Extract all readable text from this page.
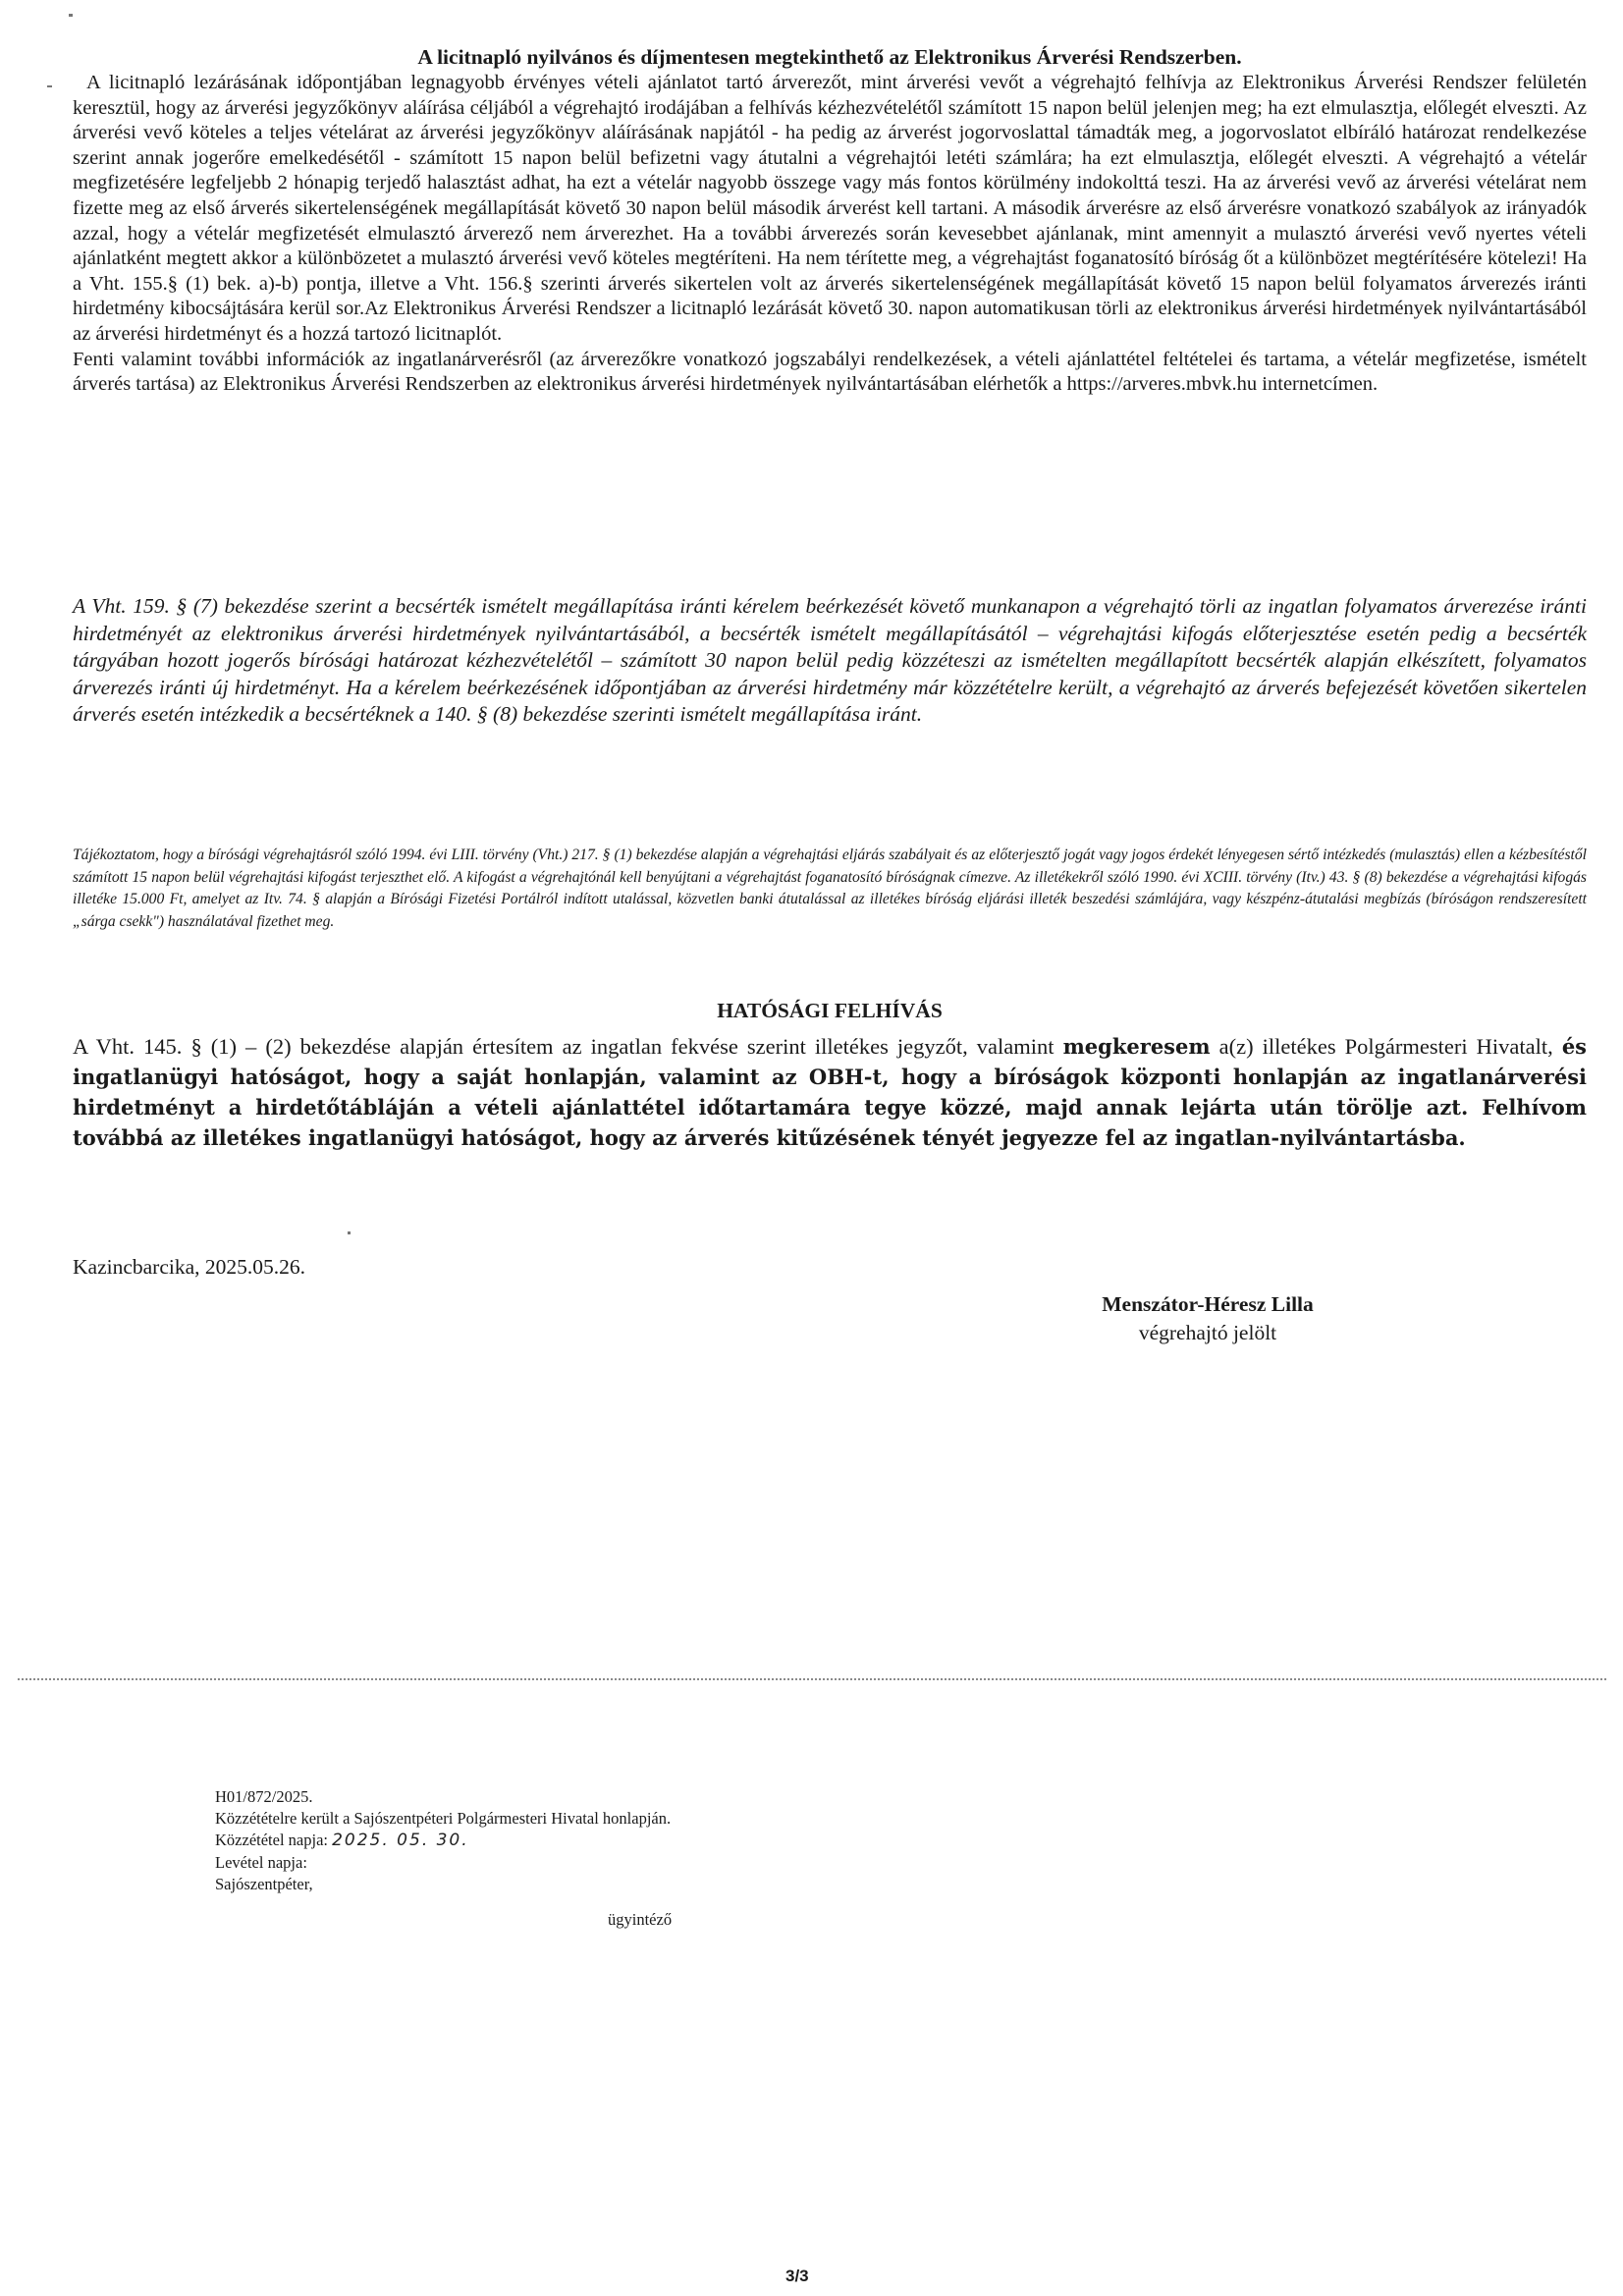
A licitnapló nyilvános és díjmentesen megtekinthető az Elektronikus Árverési Rendszerben.

A licitnapló lezárásának időpontjában legnagyobb érvényes vételi ajánlatot tartó árverezőt, mint árverési vevőt a végrehajtó felhívja az Elektronikus Árverési Rendszer felületén keresztül, hogy az árverési jegyzőkönyv aláírása céljából a végrehajtó irodájában a felhívás kézhezvételétől számított 15 napon belül jelenjen meg; ha ezt elmulasztja, előlegét elveszti. Az árverési vevő köteles a teljes vételárat az árverési jegyzőkönyv aláírásának napjától - ha pedig az árverést jogorvoslattal támadták meg, a jogorvoslatot elbíráló határozat rendelkezése szerint annak jogerőre emelkedésétől - számított 15 napon belül befizetni vagy átutalni a végrehajtói letéti számlára; ha ezt elmulasztja, előlegét elveszti. A végrehajtó a vételár megfizetésére legfeljebb 2 hónapig terjedő halasztást adhat, ha ezt a vételár nagyobb összege vagy más fontos körülmény indokolttá teszi. Ha az árverési vevő az árverési vételárat nem fizette meg az első árverés sikertelenségének megállapítását követő 30 napon belül második árverést kell tartani. A második árverésre az első árverésre vonatkozó szabályok az irányadók azzal, hogy a vételár megfizetését elmulasztó árverező nem árverezhet. Ha a további árverezés során kevesebbet ajánlanak, mint amennyit a mulasztó árverési vevő nyertes vételi ajánlatként megtett akkor a különbözetet a mulasztó árverési vevő köteles megtéríteni. Ha nem térítette meg, a végrehajtást foganatosító bíróság őt a különbözet megtérítésére kötelezi! Ha a Vht. 155.§ (1) bek. a)-b) pontja, illetve a Vht. 156.§ szerinti árverés sikertelen volt az árverés sikertelenségének megállapítását követő 15 napon belül folyamatos árverezés iránti hirdetmény kibocsájtására kerül sor.Az Elektronikus Árverési Rendszer a licitnapló lezárását követő 30. napon automatikusan törli az elektronikus árverési hirdetmények nyilvántartásából az árverési hirdetményt és a hozzá tartozó licitnaplót.

Fenti valamint további információk az ingatlanárverésről (az árverezőkre vonatkozó jogszabályi rendelkezések, a vételi ajánlattétel feltételei és tartama, a vételár megfizetése, ismételt árverés tartása) az Elektronikus Árverési Rendszerben az elektronikus árverési hirdetmények nyilvántartásában elérhetők a https://arveres.mbvk.hu internetcímen.

A Vht. 159. § (7) bekezdése szerint a becsérték ismételt megállapítása iránti kérelem beérkezését követő munkanapon a végrehajtó törli az ingatlan folyamatos árverezése iránti hirdetményét az elektronikus árverési hirdetmények nyilvántartásából, a becsérték ismételt megállapításától – végrehajtási kifogás előterjesztése esetén pedig a becsérték tárgyában hozott jogerős bírósági határozat kézhezvételétől – számított 30 napon belül pedig közzéteszi az ismételten megállapított becsérték alapján elkészített, folyamatos árverezés iránti új hirdetményt. Ha a kérelem beérkezésének időpontjában az árverési hirdetmény már közzétételre került, a végrehajtó az árverés befejezését követően sikertelen árverés esetén intézkedik a becsértéknek a 140. § (8) bekezdése szerinti ismételt megállapítása iránt.
Tájékoztatom, hogy a bírósági végrehajtásról szóló 1994. évi LIII. törvény (Vht.) 217. § (1) bekezdése alapján a végrehajtási eljárás szabályait és az előterjesztő jogát vagy jogos érdekét lényegesen sértő intézkedés (mulasztás) ellen a kézbesítéstől számított 15 napon belül végrehajtási kifogást terjeszthet elő. A kifogást a végrehajtónál kell benyújtani a végrehajtást foganatosító bíróságnak címezve. Az illetékekről szóló 1990. évi XCIII. törvény (Itv.) 43. § (8) bekezdése a végrehajtási kifogás illetéke 15.000 Ft, amelyet az Itv. 74. § alapján a Bírósági Fizetési Portálról indított utalással, közvetlen banki átutalással az illetékes bíróság eljárási illeték beszedési számlájára, vagy készpénz-átutalási megbízás (bíróságon rendszeresített „sárga csekk") használatával fizethet meg.
HATÓSÁGI FELHÍVÁS
A Vht. 145. § (1) – (2) bekezdése alapján értesítem az ingatlan fekvése szerint illetékes jegyzőt, valamint megkeresem a(z) illetékes Polgármesteri Hivatalt, és ingatlanügyi hatóságot, hogy a saját honlapján, valamint az OBH-t, hogy a bíróságok központi honlapján az ingatlanárverési hirdetményt a hirdetőtábláján a vételi ajánlattétel időtartamára tegye közzé, majd annak lejárta után törölje azt. Felhívom továbbá az illetékes ingatlanügyi hatóságot, hogy az árverés kitűzésének tényét jegyezze fel az ingatlan-nyilvántartásba.
Kazincbarcika, 2025.05.26.
Menszátor-Héresz Lilla
végrehajtó jelölt
H01/872/2025.
Közzétételre került a Sajószentpéteri Polgármesteri Hivatal honlapján.
Közzététel napja: 2025. 05. 30.
Levétel napja:
Sajószentpéter,
ügyintéző
3/3
